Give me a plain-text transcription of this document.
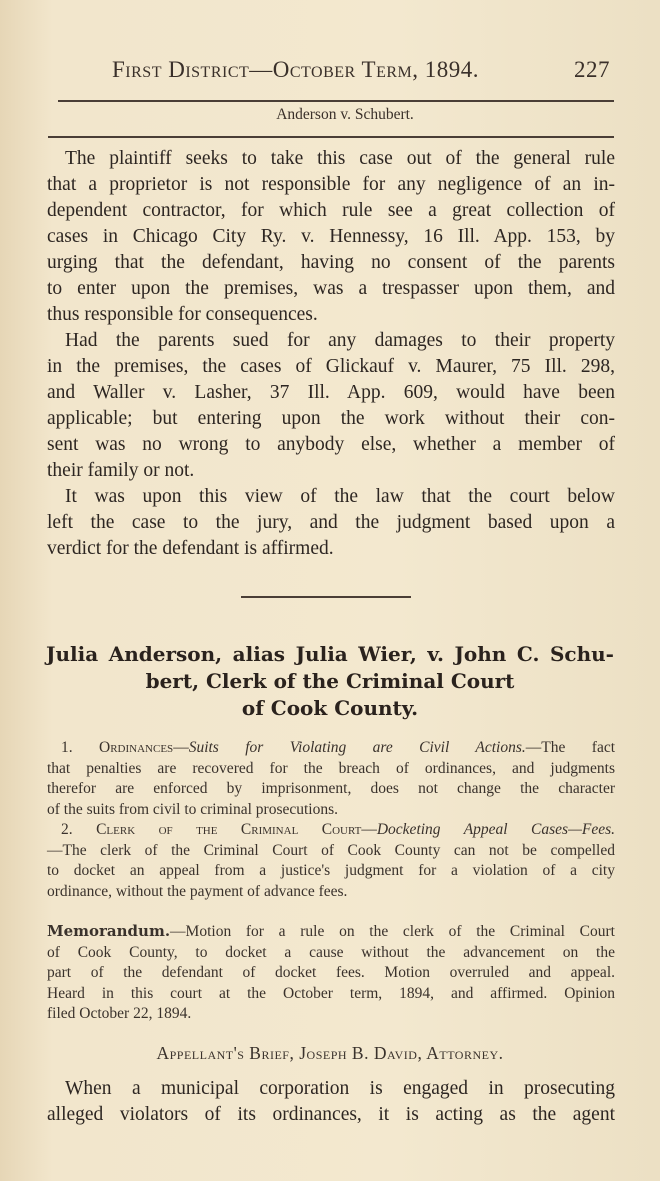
First District—October Term, 1894.	227
Anderson v. Schubert.
The plaintiff seeks to take this case out of the general rule
that a proprietor is not responsible for any negligence of an in-
dependent contractor, for which rule see a great collection of
cases in Chicago City Ry. v. Hennessy, 16 Ill. App. 153, by
urging that the defendant, having no consent of the parents
to enter upon the premises, was a trespasser upon them, and
thus responsible for consequences.
Had the parents sued for any damages to their property
in the premises, the cases of Glickauf v. Maurer, 75 Ill. 298,
and Waller v. Lasher, 37 Ill. App. 609, would have been
applicable; but entering upon the work without their con-
sent was no wrong to anybody else, whether a member of
their family or not.
It was upon this view of the law that the court below
left the case to the jury, and the judgment based upon a
verdict for the defendant is affirmed.
Julia Anderson, alias Julia Wier, v. John C. Schu-
bert, Clerk of the Criminal Court
of Cook County.
1. Ordinances—Suits for Violating are Civil Actions.—The fact
that penalties are recovered for the breach of ordinances, and judgments
therefor are enforced by imprisonment, does not change the character
of the suits from civil to criminal prosecutions.
2. Clerk of the Criminal Court—Docketing Appeal Cases—Fees.
—The clerk of the Criminal Court of Cook County can not be compelled
to docket an appeal from a justice's judgment for a violation of a city
ordinance, without the payment of advance fees.
Memorandum.—Motion for a rule on the clerk of the Criminal Court
of Cook County, to docket a cause without the advancement on the
part of the defendant of docket fees. Motion overruled and appeal.
Heard in this court at the October term, 1894, and affirmed. Opinion
filed October 22, 1894.
Appellant's Brief, Joseph B. David, Attorney.
When a municipal corporation is engaged in prosecuting
alleged violators of its ordinances, it is acting as the agent
